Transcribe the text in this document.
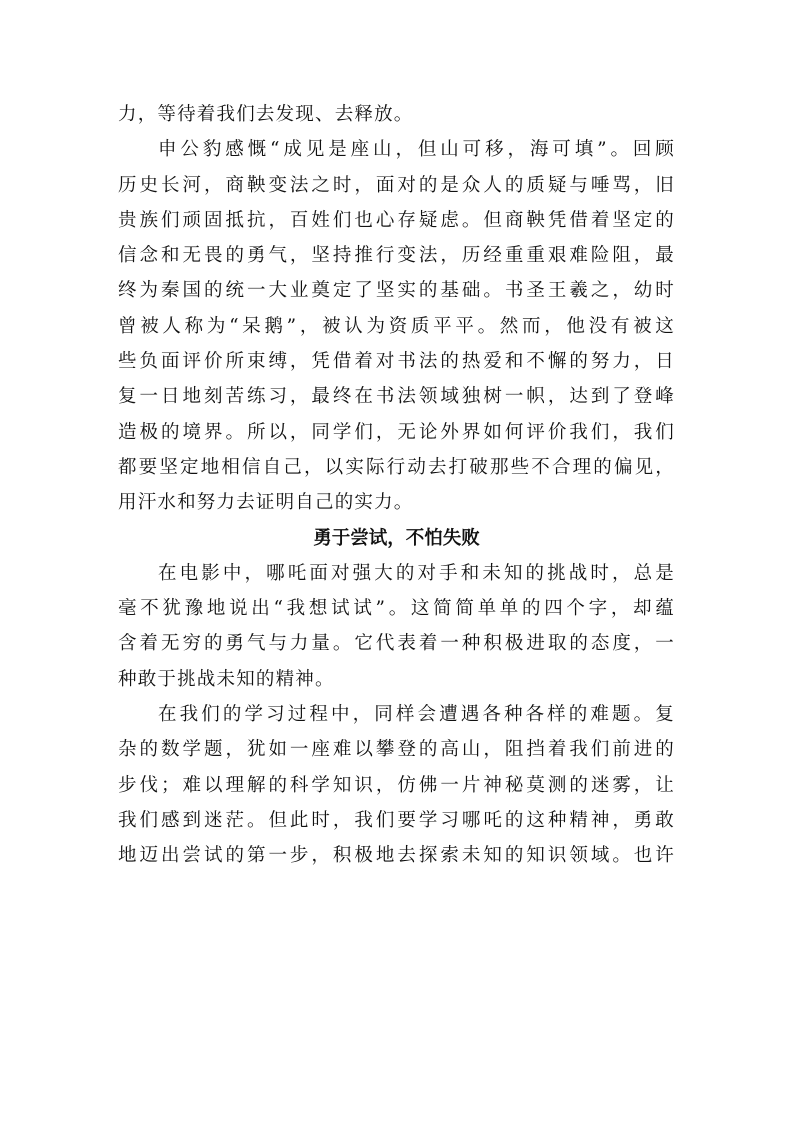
力，等待着我们去发现、去释放。
申公豹感慨“成见是座山，但山可移，海可填”。回顾
历史长河，商鞅变法之时，面对的是众人的质疑与唾骂，旧
贵族们顽固抵抗，百姓们也心存疑虑。但商鞅凭借着坚定的
信念和无畏的勇气，坚持推行变法，历经重重艰难险阻，最
终为秦国的统一大业奠定了坚实的基础。书圣王羲之，幼时
曾被人称为“呆鹅”，被认为资质平平。然而，他没有被这
些负面评价所束缚，凭借着对书法的热爱和不懈的努力，日
复一日地刻苦练习，最终在书法领域独树一帜，达到了登峰
造极的境界。所以，同学们，无论外界如何评价我们，我们
都要坚定地相信自己，以实际行动去打破那些不合理的偏见，
用汗水和努力去证明自己的实力。
勇于尝试，不怕失败
在电影中，哪吒面对强大的对手和未知的挑战时，总是
毫不犹豫地说出“我想试试”。这简简单单的四个字，却蕴
含着无穷的勇气与力量。它代表着一种积极进取的态度，一
种敢于挑战未知的精神。
在我们的学习过程中，同样会遭遇各种各样的难题。复
杂的数学题，犹如一座难以攀登的高山，阻挡着我们前进的
步伐；难以理解的科学知识，仿佛一片神秘莫测的迷雾，让
我们感到迷茫。但此时，我们要学习哪吒的这种精神，勇敢
地迈出尝试的第一步，积极地去探索未知的知识领域。也许
